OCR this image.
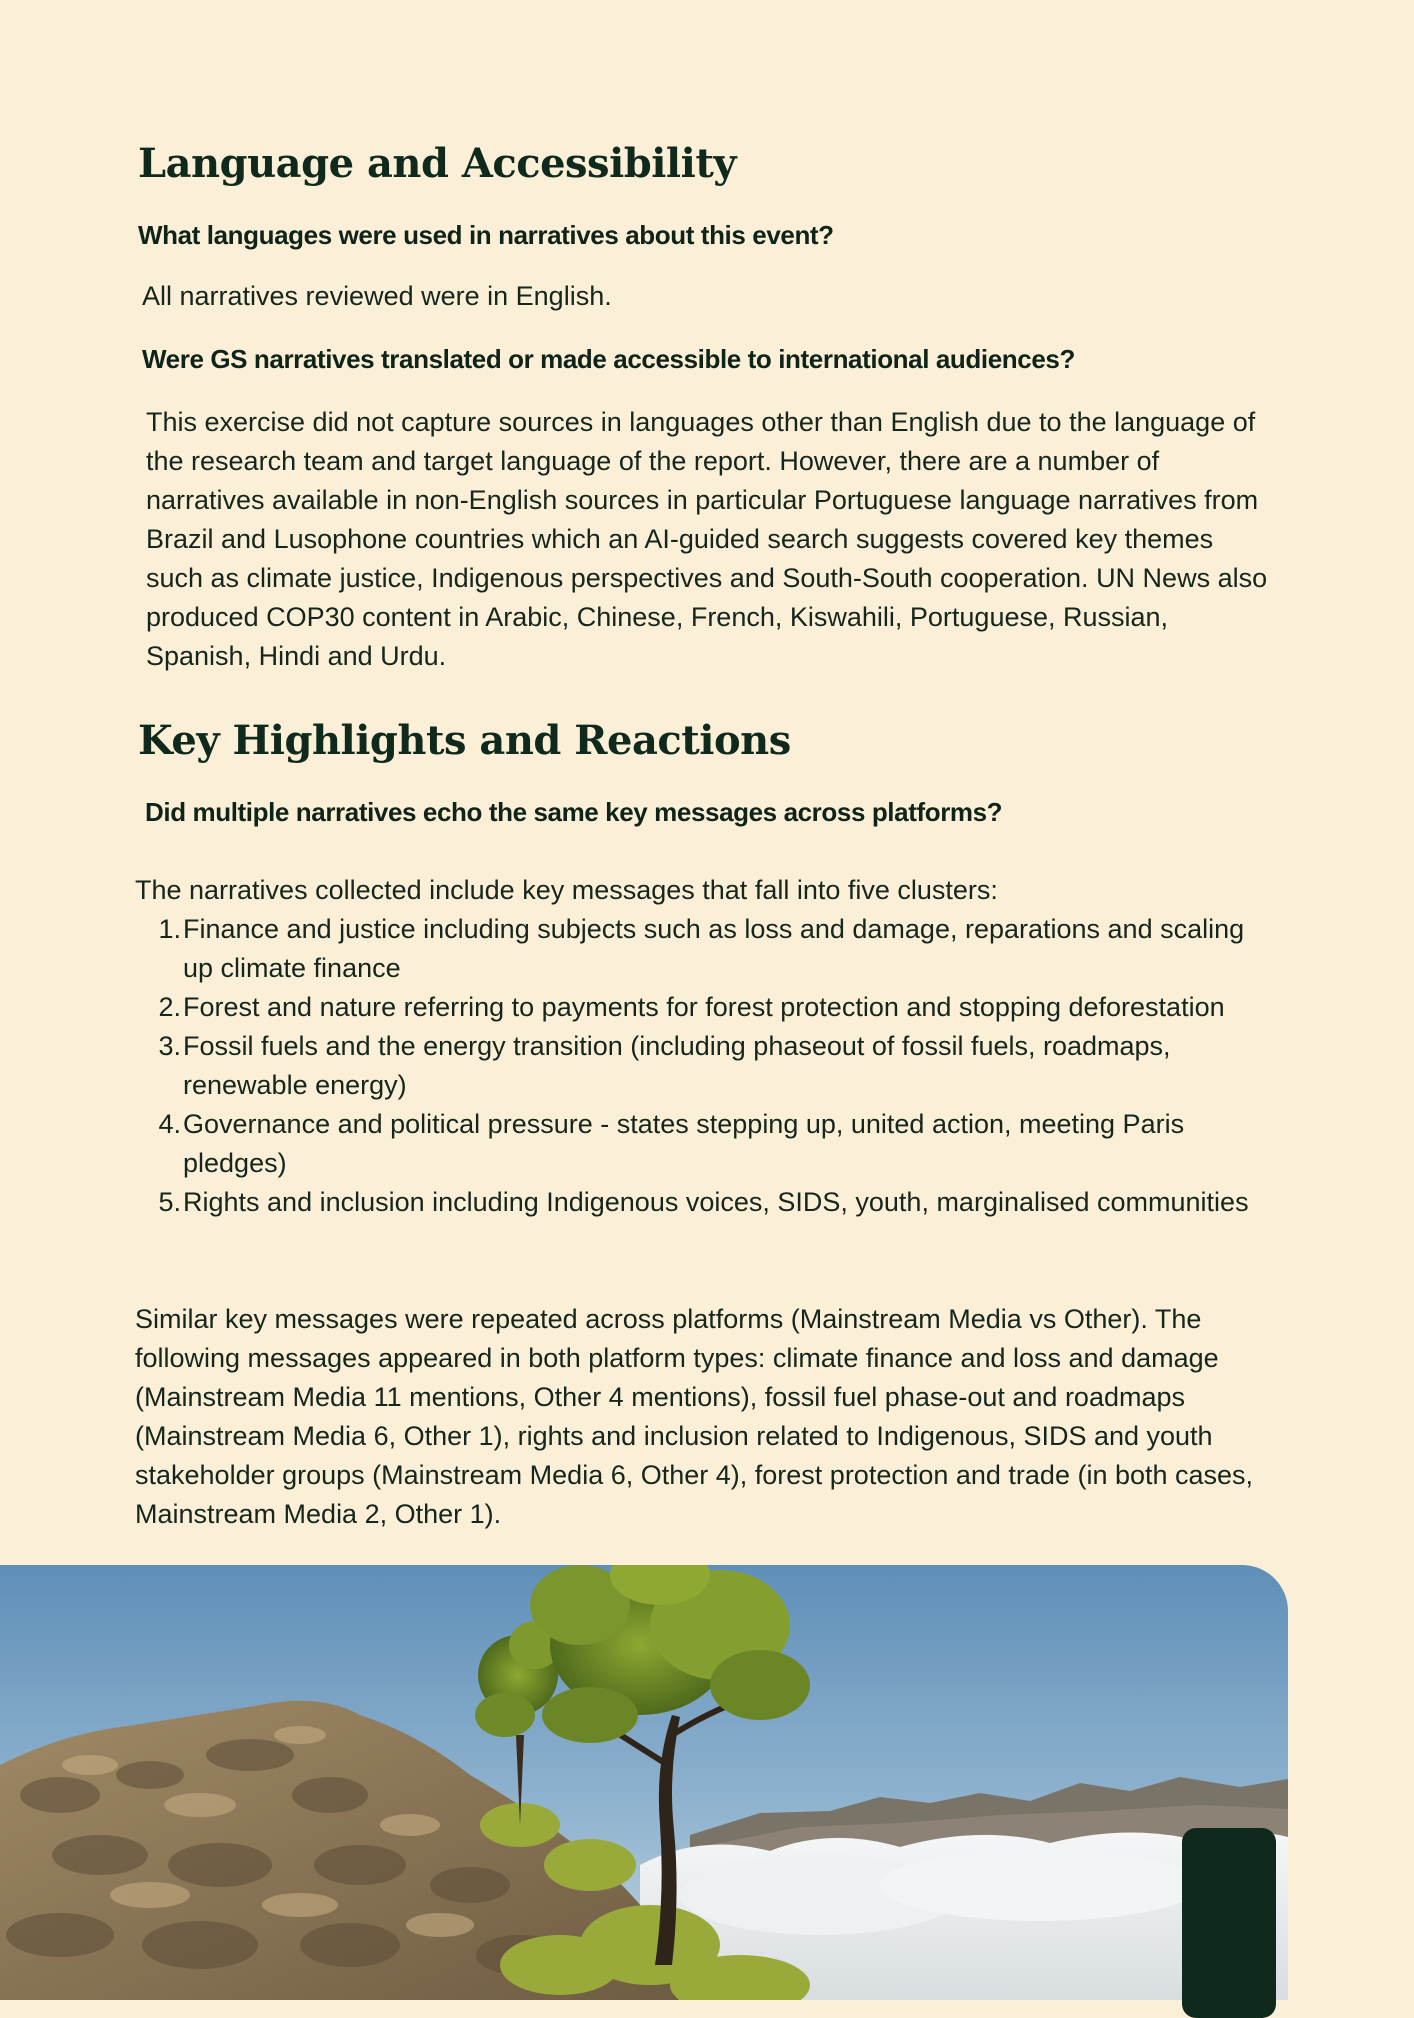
Language and Accessibility
What languages were used in narratives about this event?

All narratives reviewed were in English.

Were GS narratives translated or made accessible to international audiences?

This exercise did not capture sources in languages other than English due to the language of the research team and target language of the report. However, there are a number of narratives available in non-English sources in particular Portuguese language narratives from Brazil and Lusophone countries which an AI-guided search suggests covered key themes such as climate justice, Indigenous perspectives and South-South cooperation. UN News also produced COP30 content in Arabic, Chinese, French, Kiswahili, Portuguese, Russian, Spanish, Hindi and Urdu.

Key Highlights and Reactions
Did multiple narratives echo the same key messages across platforms?

The narratives collected include key messages that fall into five clusters:

1. Finance and justice including subjects such as loss and damage, reparations and scaling up climate finance
2. Forest and nature referring to payments for forest protection and stopping deforestation
3. Fossil fuels and the energy transition (including phaseout of fossil fuels, roadmaps, renewable energy)
4. Governance and political pressure - states stepping up, united action, meeting Paris pledges)
5. Rights and inclusion including Indigenous voices, SIDS, youth, marginalised communities

Similar key messages were repeated across platforms (Mainstream Media vs Other). The following messages appeared in both platform types: climate finance and loss and damage (Mainstream Media 11 mentions, Other 4 mentions), fossil fuel phase-out and roadmaps (Mainstream Media 6, Other 1), rights and inclusion related to Indigenous, SIDS and youth stakeholder groups (Mainstream Media 6, Other 4), forest protection and trade (in both cases, Mainstream Media 2, Other 1).
